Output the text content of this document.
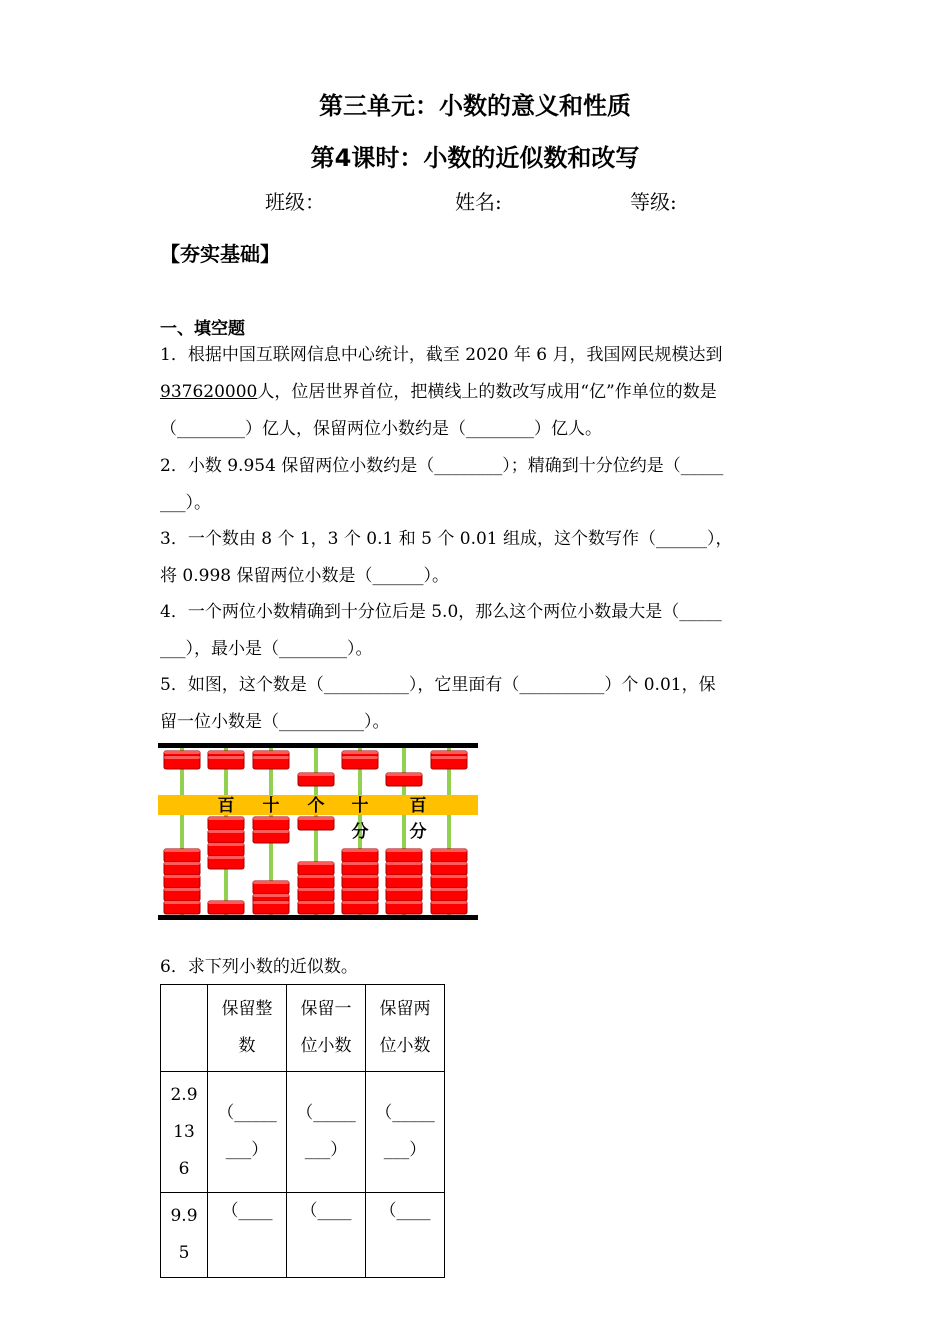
第三单元：小数的意义和性质
第4课时：小数的近似数和改写
班级：	姓名:	等级:
【夯实基础】
一、填空题
1．根据中国互联网信息中心统计，截至 2020 年 6 月，我国网民规模达到
937620000人，位居世界首位，把横线上的数改写成用“亿”作单位的数是
（________）亿人，保留两位小数约是（________）亿人。
2．小数 9.954 保留两位小数约是（________）；精确到十分位约是（_____
___）。
3．一个数由 8 个 1，3 个 0.1 和 5 个 0.01 组成，这个数写作（______），
将 0.998 保留两位小数是（______）。
4．一个两位小数精确到十分位后是 5.0，那么这个两位小数最大是（_____
___），最小是（________）。
5．如图，这个数是（__________），它里面有（__________）个 0.01，保
留一位小数是（__________）。
百 十 个 十 百
分 分
6．求下列小数的近似数。

	保留整数	保留一位小数	保留两位小数

2.9136	（________）	（________）	（________）

9.95	（____	（____	（____
